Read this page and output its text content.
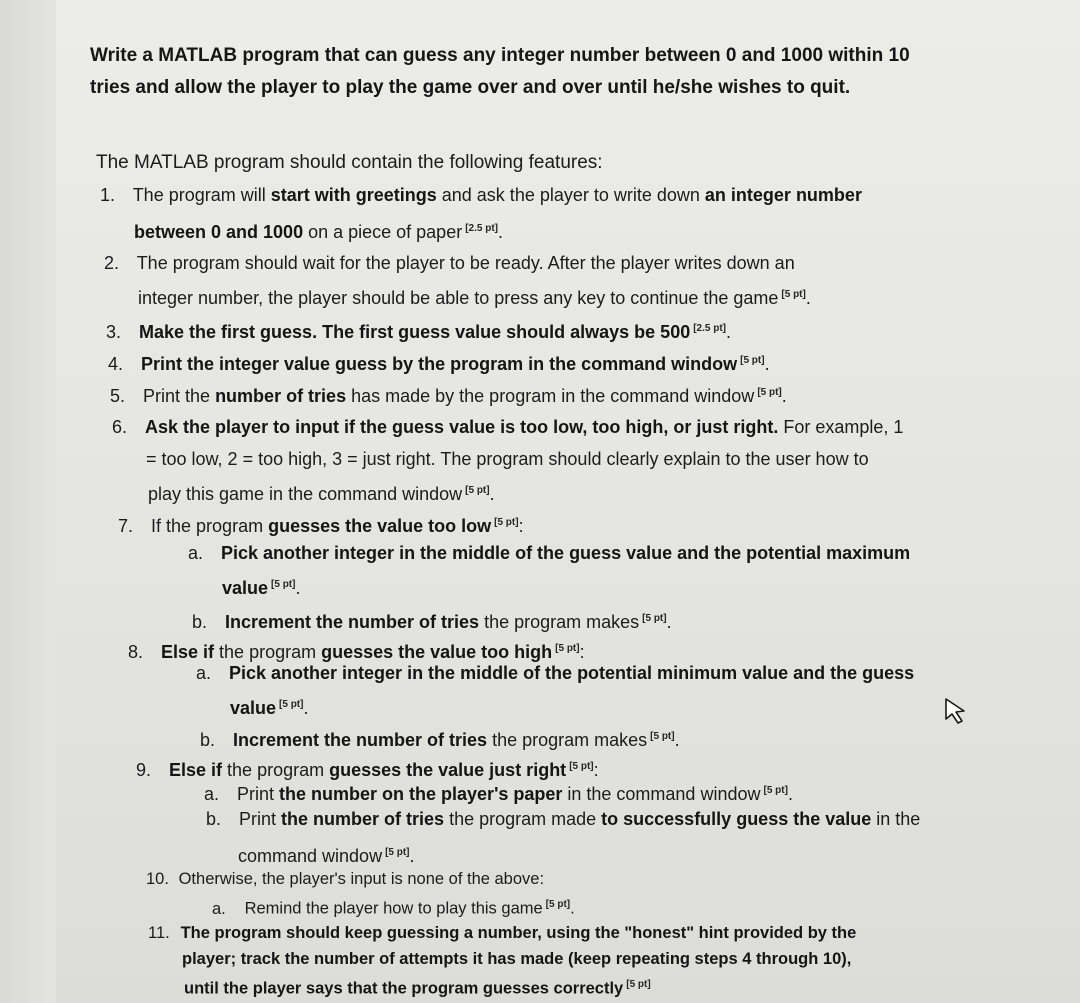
Write a MATLAB program that can guess any integer number between 0 and 1000 within 10
tries and allow the player to play the game over and over until he/she wishes to quit.

The MATLAB program should contain the following features:

1. The program will start with greetings and ask the player to write down an integer number
between 0 and 1000 on a piece of paper [2.5 pt].
2. The program should wait for the player to be ready. After the player writes down an
integer number, the player should be able to press any key to continue the game [5 pt].
3. Make the first guess. The first guess value should always be 500 [2.5 pt].
4. Print the integer value guess by the program in the command window [5 pt].
5. Print the number of tries has made by the program in the command window [5 pt].
6. Ask the player to input if the guess value is too low, too high, or just right. For example, 1
= too low, 2 = too high, 3 = just right. The program should clearly explain to the user how to
play this game in the command window [5 pt].
7. If the program guesses the value too low [5 pt]:
a. Pick another integer in the middle of the guess value and the potential maximum
value [5 pt].
b. Increment the number of tries the program makes [5 pt].
8. Else if the program guesses the value too high [5 pt]:
a. Pick another integer in the middle of the potential minimum value and the guess
value [5 pt].
b. Increment the number of tries the program makes [5 pt].
9. Else if the program guesses the value just right [5 pt]:
a. Print the number on the player's paper in the command window [5 pt].
b. Print the number of tries the program made to successfully guess the value in the
command window [5 pt].
10. Otherwise, the player's input is none of the above:
a. Remind the player how to play this game [5 pt].
11. The program should keep guessing a number, using the "honest" hint provided by the
player; track the number of attempts it has made (keep repeating steps 4 through 10),
until the player says that the program guesses correctly [5 pt]
